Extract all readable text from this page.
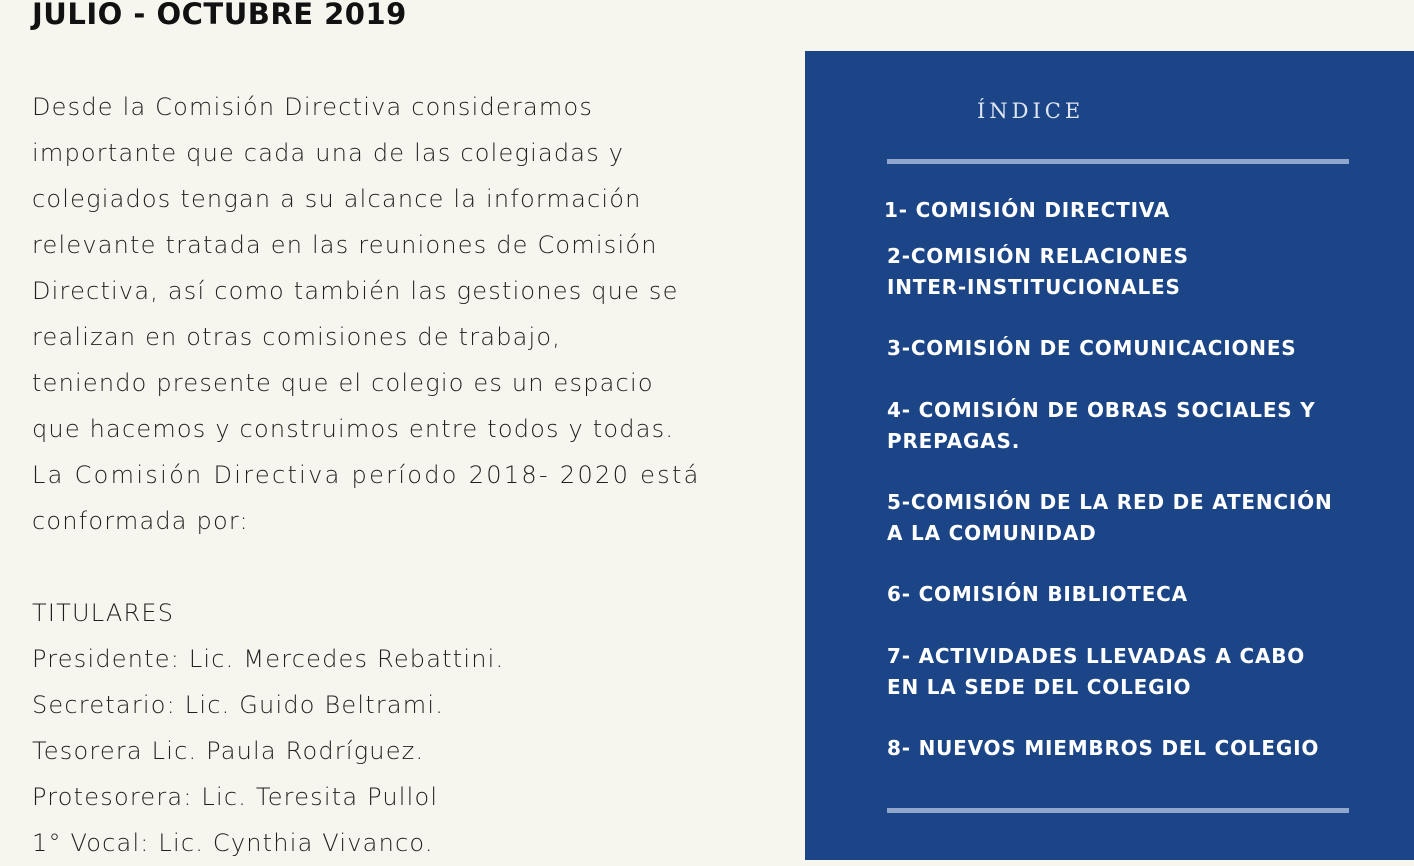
JULIO - OCTUBRE 2019
Desde la Comisión Directiva consideramos
importante que cada una de las colegiadas y
colegiados tengan a su alcance la información
relevante tratada en las reuniones de Comisión
Directiva, así como también las gestiones que se
realizan en otras comisiones de trabajo,
teniendo presente que el colegio es un espacio
que hacemos y construimos entre todos y todas.
La Comisión Directiva período 2018- 2020 está
conformada por:
TITULARES
Presidente: Lic. Mercedes Rebattini.
Secretario: Lic. Guido Beltrami.
Tesorera Lic. Paula Rodríguez.
Protesorera: Lic. Teresita Pullol
1° Vocal: Lic. Cynthia Vivanco.
ÍNDICE
1- COMISIÓN DIRECTIVA
2-COMISIÓN RELACIONES INTER-INSTITUCIONALES
3-COMISIÓN DE COMUNICACIONES
4- COMISIÓN DE OBRAS SOCIALES Y PREPAGAS.
5-COMISIÓN DE LA RED DE ATENCIÓN A LA COMUNIDAD
6- COMISIÓN BIBLIOTECA
7- ACTIVIDADES LLEVADAS A CABO EN LA SEDE DEL COLEGIO
8- NUEVOS MIEMBROS DEL COLEGIO
